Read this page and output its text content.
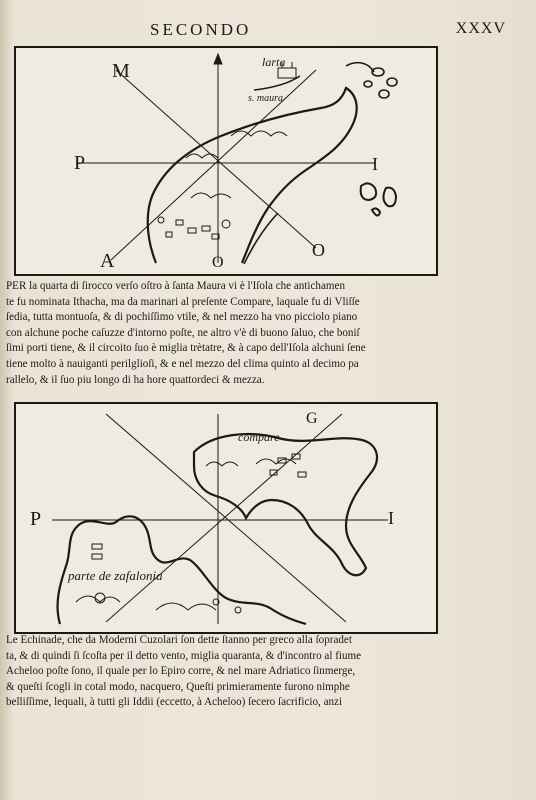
SECONDO	XXXV
larta
s. maura
M
P	I
O
A	O
PER la quarta di ſirocco verſo oſtro à ſanta Maura vi è l'Iſola che antichamen
te fu nominata Ithacha, ma da marinari al preſente Compare, laquale fu di Vliſſe
ſedia, tutta montuoſa, & di pochiſſimo vtile, & nel mezzo ha vno picciolo piano
con alchune poche caſuzze d'intorno poſte, ne altro v'è di buono ſaluo, che boniſ
ſimi porti tiene, & il circoito ſuo è miglia trètatre, & à capo dell'Iſola alchuni ſene
tiene molto à nauiganti perilglioſi, & e nel mezzo del clima quinto al decimo pa
rallelo, & il ſuo piu longo di ha hore quattordeci & mezza.
compare
parte de zafalonia
G
P	I
Le Echinade, che da Moderni Cuzolari ſon dette ſtanno per greco alla ſopradet
ta, & di quindi ſi ſcoſta per il detto vento, miglia quaranta, & d'incontro al fiume
Acheloo poſte ſono, il quale per lo Epiro corre, & nel mare Adriatico ſinmerge,
& queſti ſcogli in cotal modo, nacquero, Queſti primieramente furono nimphe
belliſſime, lequali, à tutti gli Iddii (eccetto, à Acheloo) ſecero ſacrificio, anzi
